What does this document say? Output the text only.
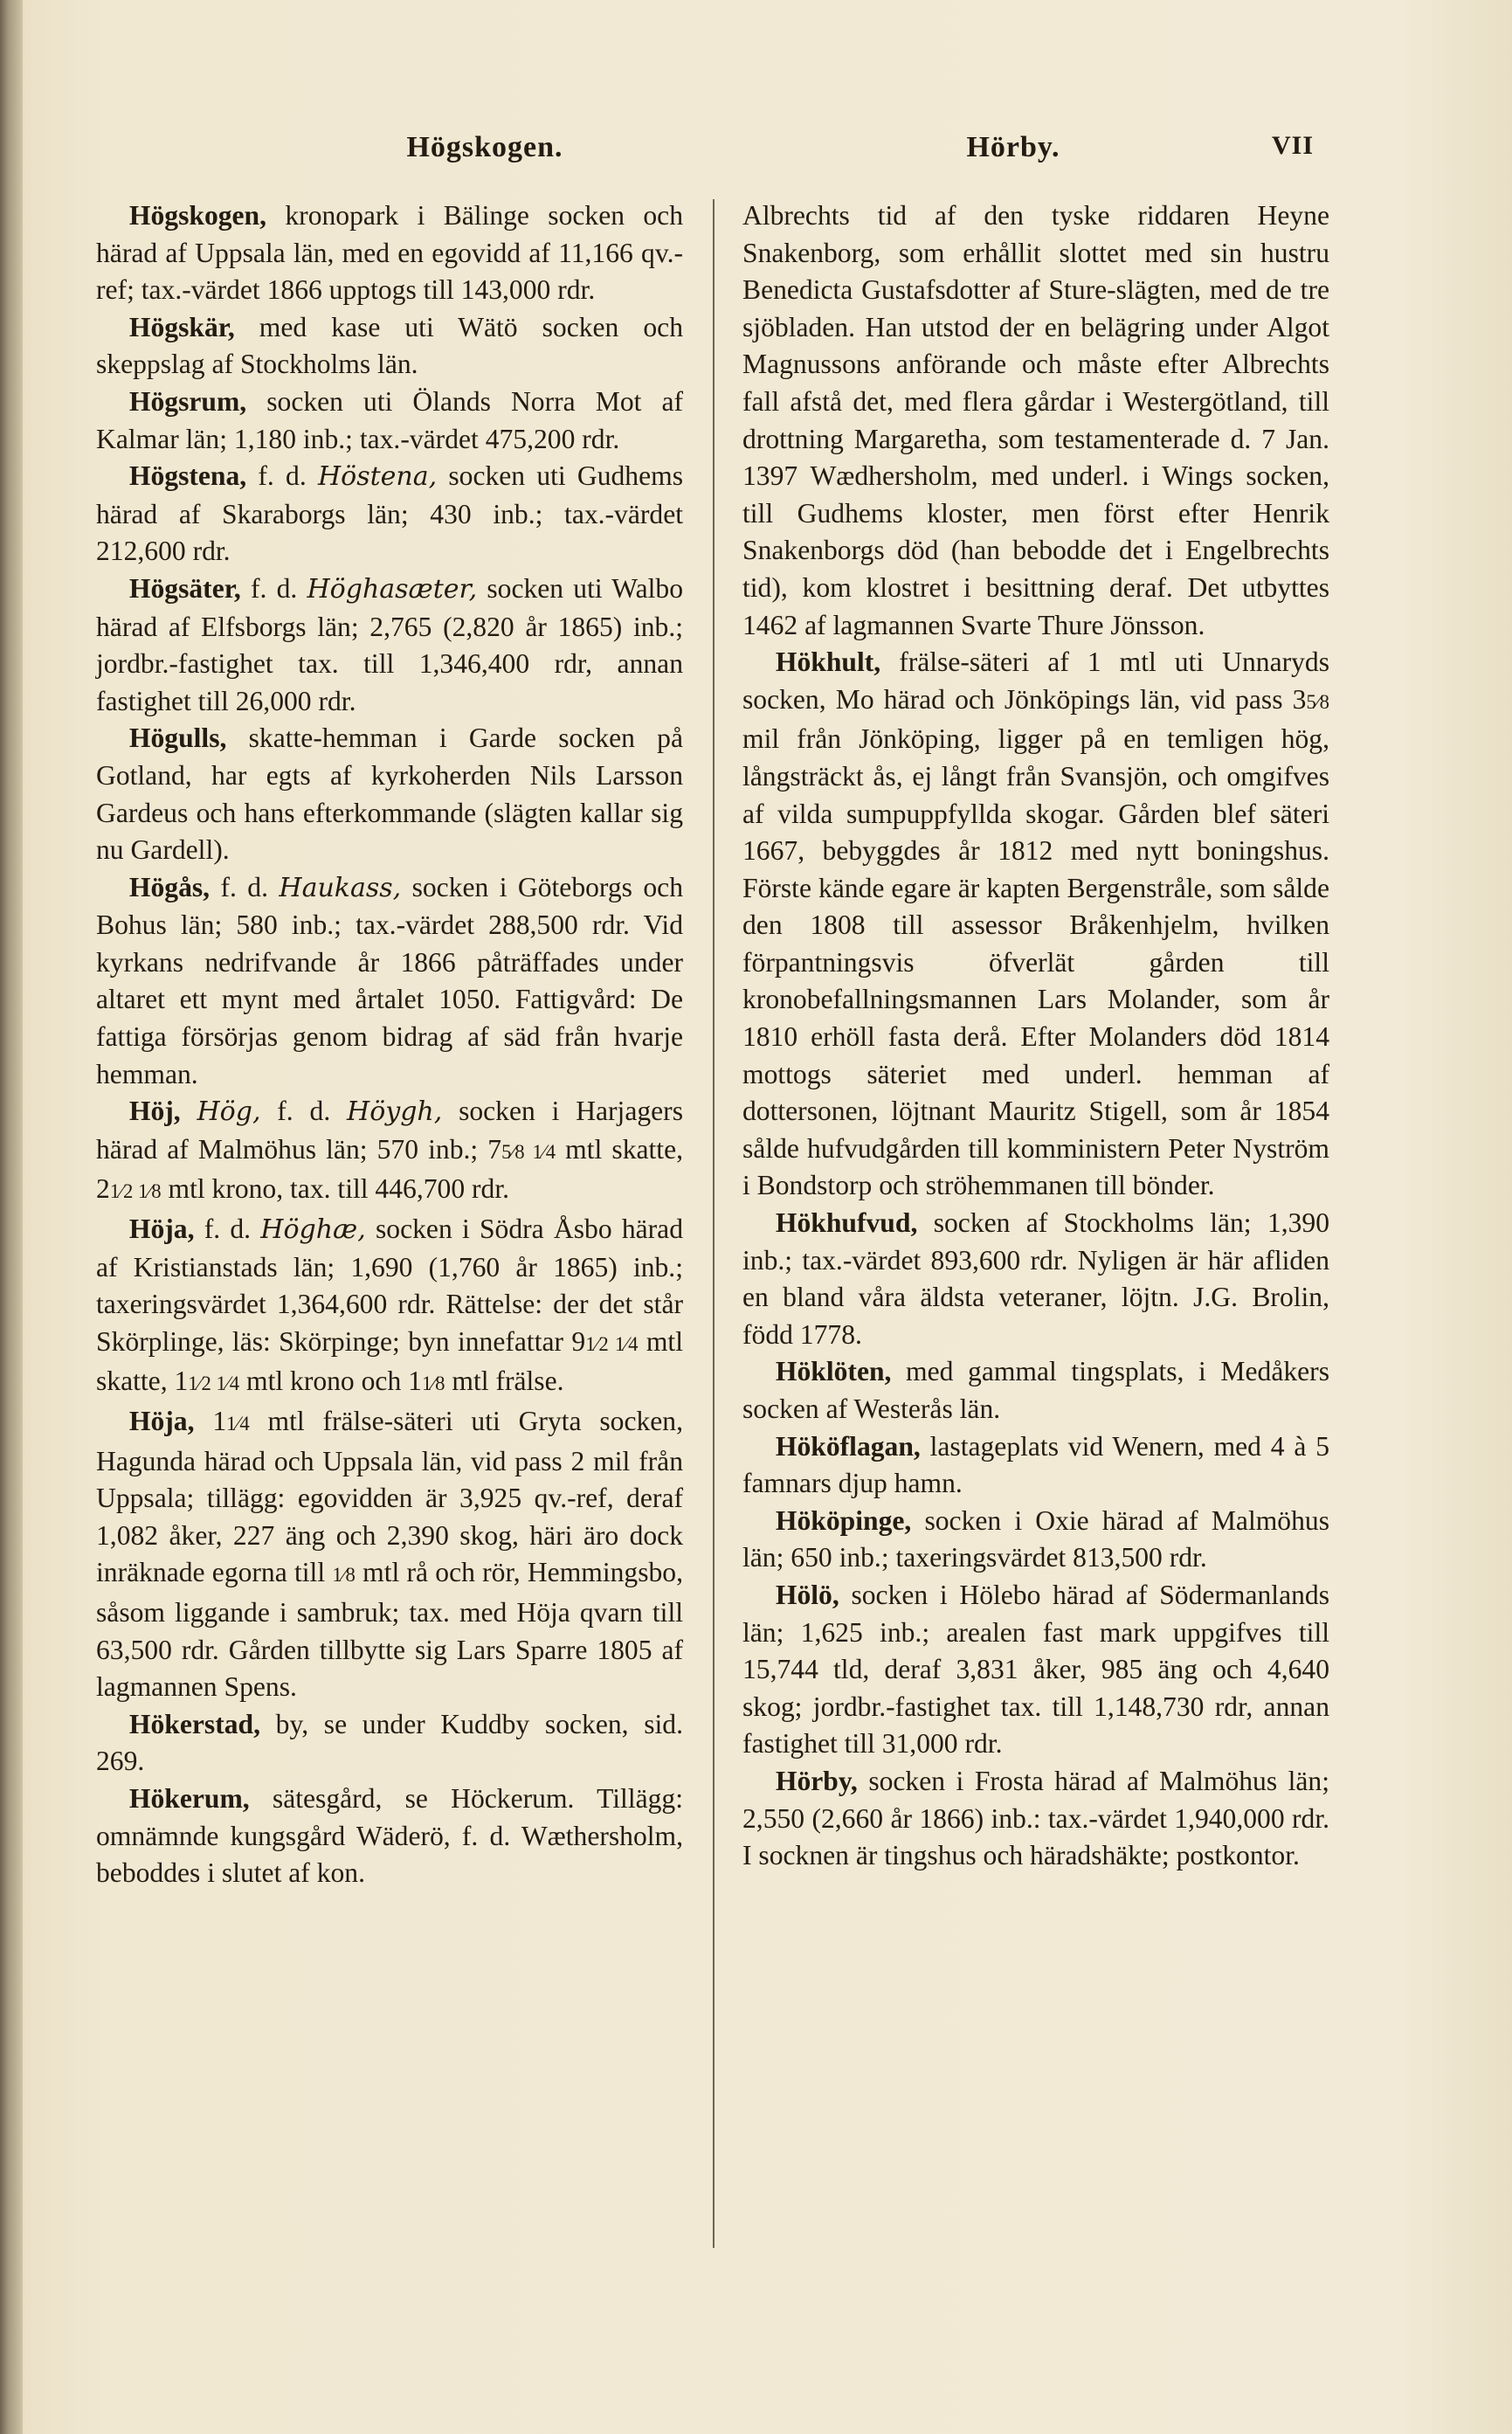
Högskogen.	Hörby.	VII

Högskogen, kronopark i Bälinge socken och härad af Uppsala län, med en egovidd af 11,166 qv.-ref; tax.-värdet 1866 upptogs till 143,000 rdr.

Högskär, med kase uti Wätö socken och skeppslag af Stockholms län.

Högsrum, socken uti Ölands Norra Mot af Kalmar län; 1,180 inb.; tax.-värdet 475,200 rdr.

Högstena, f. d. Höstena, socken uti Gudhems härad af Skaraborgs län; 430 inb.; tax.-värdet 212,600 rdr.

Högsäter, f. d. Höghasæter, socken uti Walbo härad af Elfsborgs län; 2,765 (2,820 år 1865) inb.; jordbr.-fastighet tax. till 1,346,400 rdr, annan fastighet till 26,000 rdr.

Högulls, skatte-hemman i Garde socken på Gotland, har egts af kyrkoherden Nils Larsson Gardeus och hans efterkommande (slägten kallar sig nu Gardell).

Högås, f. d. Haukass, socken i Göteborgs och Bohus län; 580 inb.; tax.-värdet 288,500 rdr. Vid kyrkans nedrifvande år 1866 påträffades under altaret ett mynt med årtalet 1050. Fattigvård: De fattiga försörjas genom bidrag af säd från hvarje hemman.

Höj, Hög, f. d. Höygh, socken i Harjagers härad af Malmöhus län; 570 inb.; 75⁄8 1⁄4 mtl skatte, 21⁄2 1⁄8 mtl krono, tax. till 446,700 rdr.

Höja, f. d. Höghæ, socken i Södra Åsbo härad af Kristianstads län; 1,690 (1,760 år 1865) inb.; taxeringsvärdet 1,364,600 rdr. Rättelse: der det står Skörplinge, läs: Skörpinge; byn innefattar 91⁄2 1⁄4 mtl skatte, 11⁄2 1⁄4 mtl krono och 11⁄8 mtl frälse.

Höja, 11⁄4 mtl frälse-säteri uti Gryta socken, Hagunda härad och Uppsala län, vid pass 2 mil från Uppsala; tillägg: egovidden är 3,925 qv.-ref, deraf 1,082 åker, 227 äng och 2,390 skog, häri äro dock inräknade egorna till 1⁄8 mtl rå och rör, Hemmingsbo, såsom liggande i sambruk; tax. med Höja qvarn till 63,500 rdr. Gården tillbytte sig Lars Sparre 1805 af lagmannen Spens.

Hökerstad, by, se under Kuddby socken, sid. 269.

Hökerum, sätesgård, se Höckerum. Tillägg: omnämnde kungsgård Wäderö, f. d. Wæthersholm, beboddes i slutet af kon.

Albrechts tid af den tyske riddaren Heyne Snakenborg, som erhållit slottet med sin hustru Benedicta Gustafsdotter af Sture-slägten, med de tre sjöbladen. Han utstod der en belägring under Algot Magnussons anförande och måste efter Albrechts fall afstå det, med flera gårdar i Westergötland, till drottning Margaretha, som testamenterade d. 7 Jan. 1397 Wædhersholm, med underl. i Wings socken, till Gudhems kloster, men först efter Henrik Snakenborgs död (han bebodde det i Engelbrechts tid), kom klostret i besittning deraf. Det utbyttes 1462 af lagmannen Svarte Thure Jönsson.

Hökhult, frälse-säteri af 1 mtl uti Unnaryds socken, Mo härad och Jönköpings län, vid pass 35⁄8 mil från Jönköping, ligger på en temligen hög, långsträckt ås, ej långt från Svansjön, och omgifves af vilda sumpuppfyllda skogar. Gården blef säteri 1667, bebyggdes år 1812 med nytt boningshus. Förste kände egare är kapten Bergenstråle, som sålde den 1808 till assessor Bråkenhjelm, hvilken förpantningsvis öfverlät gården till kronobefallningsmannen Lars Molander, som år 1810 erhöll fasta derå. Efter Molanders död 1814 mottogs säteriet med underl. hemman af dottersonen, löjtnant Mauritz Stigell, som år 1854 sålde hufvudgården till komministern Peter Nyström i Bondstorp och ströhemmanen till bönder.

Hökhufvud, socken af Stockholms län; 1,390 inb.; tax.-värdet 893,600 rdr. Nyligen är här afliden en bland våra äldsta veteraner, löjtn. J.G. Brolin, född 1778.

Höklöten, med gammal tingsplats, i Medåkers socken af Westerås län.

Hököflagan, lastageplats vid Wenern, med 4 à 5 famnars djup hamn.

Hököpinge, socken i Oxie härad af Malmöhus län; 650 inb.; taxeringsvärdet 813,500 rdr.

Hölö, socken i Hölebo härad af Södermanlands län; 1,625 inb.; arealen fast mark uppgifves till 15,744 tld, deraf 3,831 åker, 985 äng och 4,640 skog; jordbr.-fastighet tax. till 1,148,730 rdr, annan fastighet till 31,000 rdr.

Hörby, socken i Frosta härad af Malmöhus län; 2,550 (2,660 år 1866) inb.: tax.-värdet 1,940,000 rdr. I socknen är tingshus och häradshäkte; postkontor.
